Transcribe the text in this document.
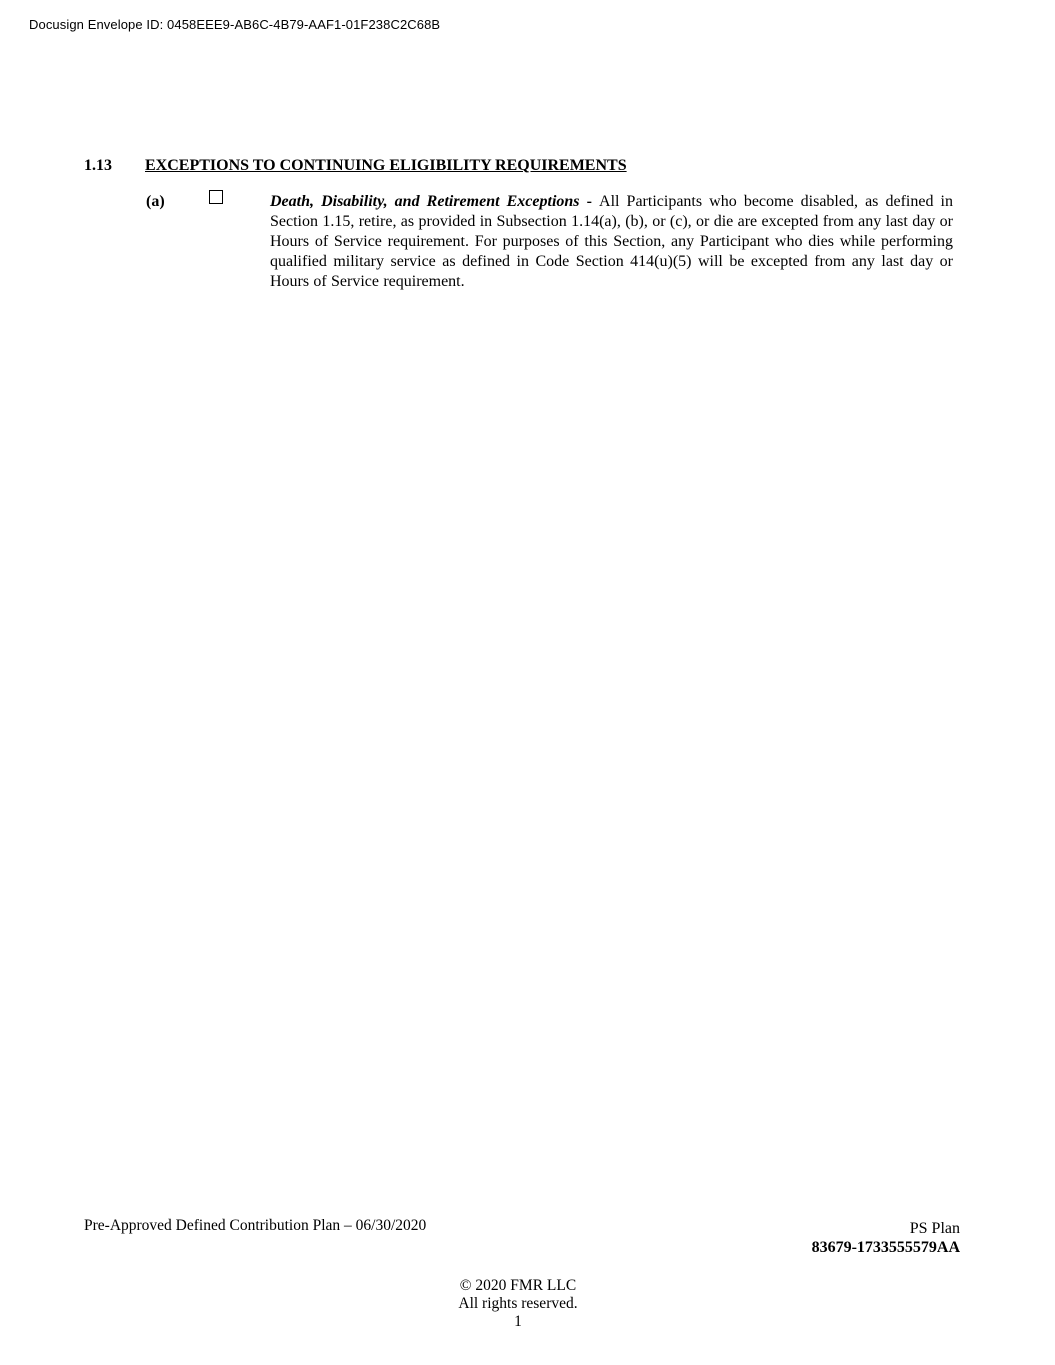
Docusign Envelope ID: 0458EEE9-AB6C-4B79-AAF1-01F238C2C68B
1.13 EXCEPTIONS TO CONTINUING ELIGIBILITY REQUIREMENTS
(a)	Death, Disability, and Retirement Exceptions - All Participants who become disabled, as defined in Section 1.15, retire, as provided in Subsection 1.14(a), (b), or (c), or die are excepted from any last day or Hours of Service requirement. For purposes of this Section, any Participant who dies while performing qualified military service as defined in Code Section 414(u)(5) will be excepted from any last day or Hours of Service requirement.
Pre-Approved Defined Contribution Plan – 06/30/2020	PS Plan
83679-1733555579AA
© 2020 FMR LLC
All rights reserved.
1
